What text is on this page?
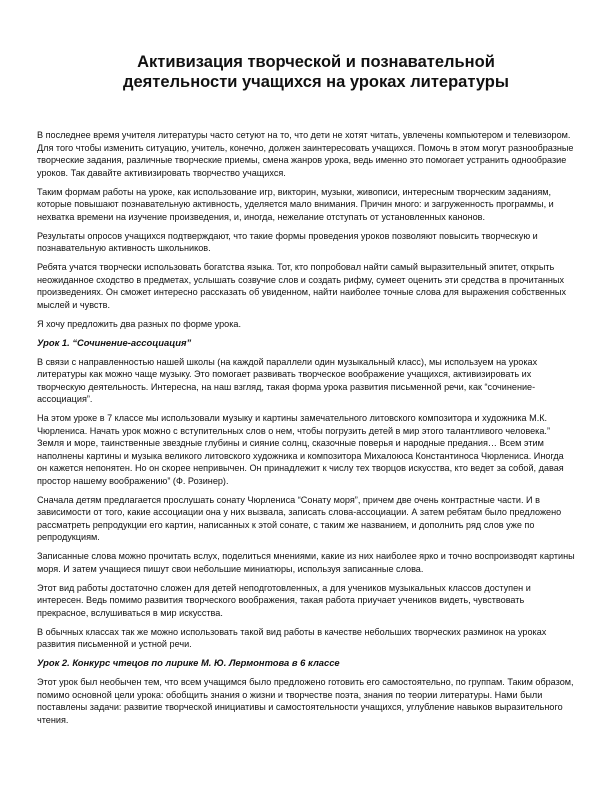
Активизация творческой и познавательной
деятельности учащихся на уроках литературы

В последнее время учителя литературы часто сетуют на то, что дети не хотят читать, увлечены компьютером и телевизором. Для того чтобы изменить ситуацию, учитель, конечно, должен заинтересовать учащихся. Помочь в этом могут разнообразные творческие задания, различные творческие приемы, смена жанров урока, ведь именно это помогает устранить однообразие уроков. Так давайте активизировать творчество учащихся.

Таким формам работы на уроке, как использование игр, викторин, музыки, живописи, интересным творческим заданиям, которые повышают познавательную активность, уделяется мало внимания. Причин много: и загруженность программы, и нехватка времени на изучение произведения, и, иногда, нежелание отступать от установленных канонов.

Результаты опросов учащихся подтверждают, что такие формы проведения уроков позволяют повысить творческую и познавательную активность школьников.

Ребята учатся творчески использовать богатства языка. Тот, кто попробовал найти самый выразительный эпитет, открыть неожиданное сходство в предметах, услышать созвучие слов и создать рифму, сумеет оценить эти средства в прочитанных произведениях. Он сможет интересно рассказать об увиденном, найти наиболее точные слова для выражения собственных мыслей и чувств.

Я хочу предложить два разных по форме урока.

Урок 1. “Сочинение-ассоциация”

В связи с направленностью нашей школы (на каждой параллели один музыкальный класс), мы используем на уроках литературы как можно чаще музыку. Это помогает развивать творческое воображение учащихся, активизировать их творческую деятельность. Интересна, на наш взгляд, такая форма урока развития письменной речи, как “сочинение-ассоциация”.

На этом уроке в 7 классе мы использовали музыку и картины замечательного литовского композитора и художника М.К. Чюрлениса. Начать урок можно с вступительных слов о нем, чтобы погрузить детей в мир этого талантливого человека.” Земля и море, таинственные звездные глубины и сияние солнц, сказочные поверья и народные предания… Всем этим наполнены картины и музыка великого литовского художника и композитора Михалоюса Константиноса Чюрлениса. Иногда он кажется непонятен. Но он скорее непривычен. Он принадлежит к числу тех творцов искусства, кто ведет за собой, давая простор нашему воображению” (Ф. Розинер).

Сначала детям предлагается прослушать сонату Чюрлениса “Сонату моря”, причем две очень контрастные части. И в зависимости от того, какие ассоциации она у них вызвала, записать слова-ассоциации. А затем ребятам было предложено рассматреть репродукции его картин, написанных к этой сонате, с таким же названием, и дополнить ряд слов уже по репродукциям.

Записанные слова можно прочитать вслух, поделиться мнениями, какие из них наиболее ярко и точно воспроизводят картины моря. И затем учащиеся пишут свои небольшие миниатюры, используя записанные слова.

Этот вид работы достаточно сложен для детей неподготовленных, а для учеников музыкальных классов доступен и интересен. Ведь помимо развития творческого воображения, такая работа приучает учеников видеть, чувствовать прекрасное, вслушиваться в мир искусства.

В обычных классах так же можно использовать такой вид работы в качестве небольших творческих разминок на уроках развития письменной и устной речи.

Урок 2. Конкурс чтецов по лирике М. Ю. Лермонтова в 6 классе

Этот урок был необычен тем, что всем учащимся было предложено готовить его самостоятельно, по группам. Таким образом, помимо основной цели урока: обобщить знания о жизни и творчестве поэта, знания по теории литературы. Нами были поставлены задачи: развитие творческой инициативы и самостоятельности учащихся, углубление навыков выразительного чтения.
